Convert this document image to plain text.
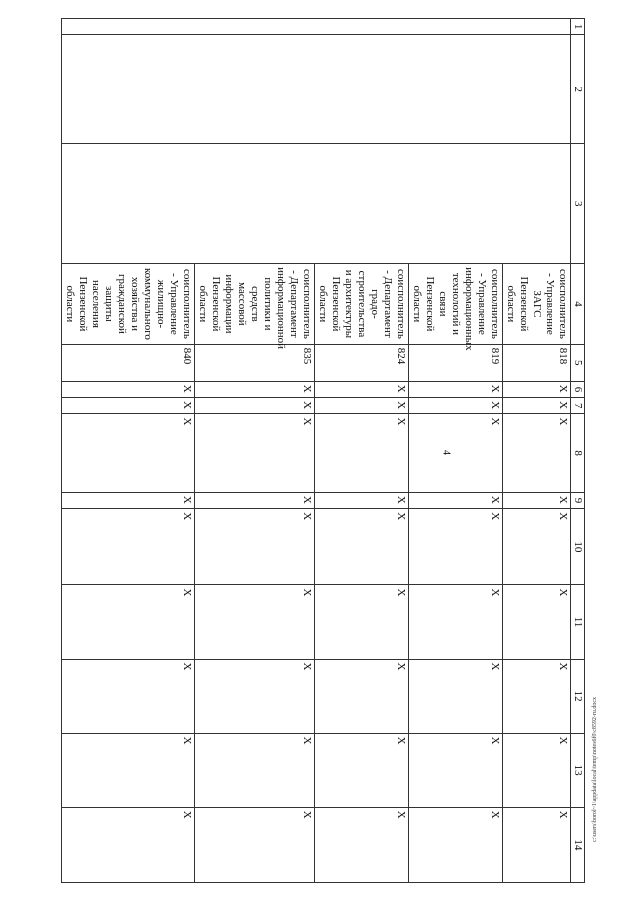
4
1	2	3	4	5	6	7	8	9	10	11	12	13	14
			соисполнитель - Управление ЗАГС Пензенской области	818	X	X	X	X	X	X	X	X	X
			соисполнитель - Управление информационных технологий и связи Пензенской области	819	X	X	X	X	X	X	X	X	X
			соисполнитель - Департамент градо-строительства и архитектуры Пензенской области	824	X	X	X	X	X	X	X	X	X
			соисполнитель - Департамент информационной политики и средств массовой информации Пензенской области	835	X	X	X	X	X	X	X	X	X
			соисполнитель - Управление жилищно-коммунального хозяйства и гражданской защиты населения Пензенской области	840	X	X	X	X	X	X	X	X	X	c:\users\borol~1\appdata\local\temp\notes6f0\c8592-ru.docx
